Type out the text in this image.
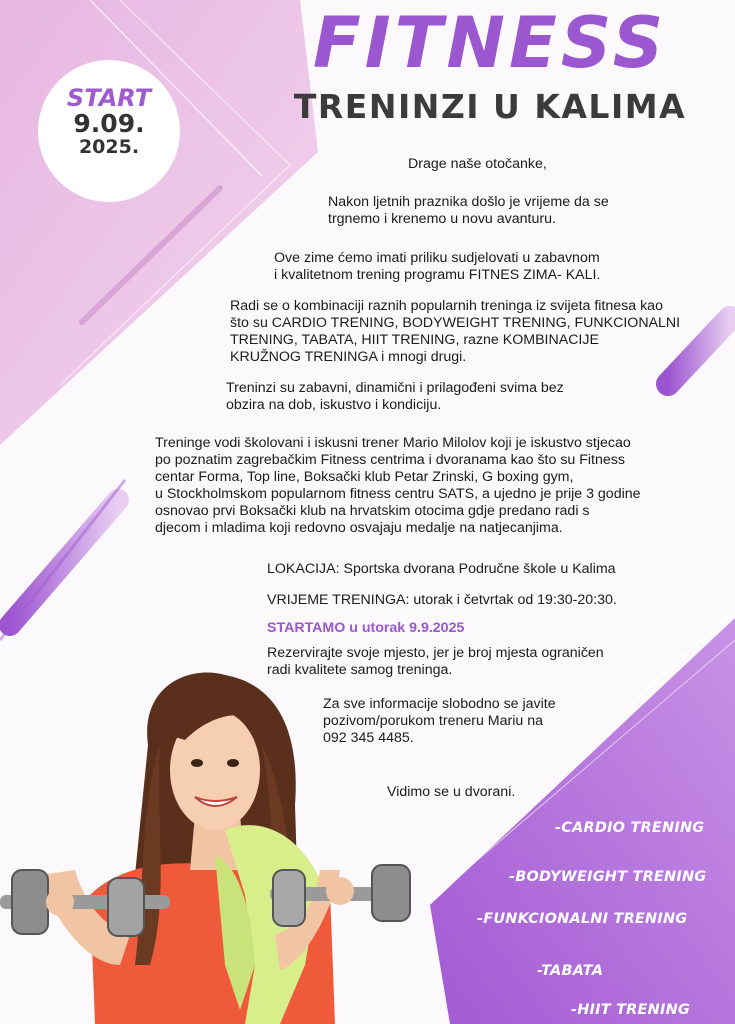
FITNESS
TRENINZI U KALIMA
START
9.09.
2025.
Drage naše otočanke,
Nakon ljetnih praznika došlo je vrijeme da se
trgnemo i krenemo u novu avanturu.
Ove zime ćemo imati priliku sudjelovati u zabavnom
i kvalitetnom trening programu FITNES ZIMA- KALI.
Radi se o kombinaciji raznih popularnih treninga iz svijeta fitnesa kao
što su CARDIO TRENING, BODYWEIGHT TRENING, FUNKCIONALNI
TRENING, TABATA, HIIT TRENING, razne KOMBINACIJE
KRUŽNOG TRENINGA i mnogi drugi.
Treninzi su zabavni, dinamični i prilagođeni svima bez
obzira na dob, iskustvo i kondiciju.
Treninge vodi školovani i iskusni trener Mario Milolov koji je iskustvo stjecao
po poznatim zagrebačkim Fitness centrima i dvoranama kao što su Fitness
centar Forma, Top line, Boksački klub Petar Zrinski, G boxing gym,
u Stockholmskom popularnom fitness centru SATS, a ujedno je prije 3 godine
osnovao prvi Boksački klub na hrvatskim otocima gdje predano radi s
djecom i mladima koji redovno osvajaju medalje na natjecanjima.
LOKACIJA: Sportska dvorana Područne škole u Kalima
VRIJEME TRENINGA: utorak i četvrtak od 19:30-20:30.
STARTAMO u utorak 9.9.2025
Rezervirajte svoje mjesto, jer je broj mjesta ograničen
radi kvalitete samog treninga.
Za sve informacije slobodno se javite
pozivom/porukom treneru Mariu na
092 345 4485.
Vidimo se u dvorani.
-CARDIO TRENING
-BODYWEIGHT TRENING
-FUNKCIONALNI TRENING
-TABATA
-HIIT TRENING
